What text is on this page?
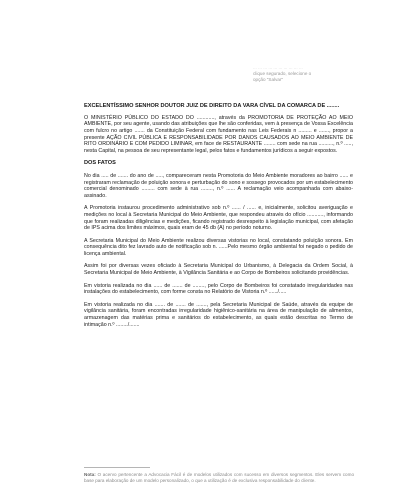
... ... ... ... ... ... ... ... ... ...
clique segurado, selecione o
opção "Salvar"
EXCELENTÍSSIMO SENHOR DOUTOR JUIZ DE DIREITO DA VARA CÍVEL DA COMARCA DE ........

O MINISTÉRIO PÚBLICO DO ESTADO DO ............, através da PROMOTORIA DE PROTEÇÃO AO MEIO AMBIENTE, por seu agente, usando das atribuições que lhe são conferidas, vem à presença de Vossa Excelência com fulcro no artigo ....... da Constituição Federal com fundamento nas Leis Federais n ......... e ......., propor a presente AÇÃO CIVIL PÚBLICA E RESPONSABILIDADE POR DANOS CAUSADOS AO MEIO AMBIENTE DE RITO ORDINÁRIO E COM PEDIDO LIMINAR, em face de RESTAURANTE ........ com sede na rua .........., n.º ....., nesta Capital, na pessoa de seu representante legal, pelos fatos e fundamentos jurídicos a seguir expostos.

DOS FATOS

No dia ..... de ....... do ano de ....., compareceram nesta Promotoria do Meio Ambiente moradores ao bairro ...... e registraram reclamação de poluição sonora e perturbação do sono e sossego provocados por um estabelecimento comercial denominado ......... com sede à rua ........, n.º ...... A reclamação veio acompanhada com abaixo-assinado.

A Promotoria instaurou procedimento administrativo sob n.º ...... / ...... e, inicialmente, solicitou averiguação e medições no local à Secretaria Municipal do Meio Ambiente, que respondeu através do ofício ..........., informando que foram realizadas diligências e medições, ficando registrado desrespeito à legislação municipal, com afetação de IPS acima dos limites máximos, quais eram de 45 db (A) no período noturno.

A Secretaria Municipal do Meio Ambiente realizou diversas vistorias no local, constatando poluição sonora. Em consequência dito fez lavrado auto de notificação sob n. ......Pelo mesmo órgão ambiental foi negado o pedido de licença ambiental.

Assim foi por diversas vezes oficiado à Secretaria Municipal do Urbanismo, à Delegacia da Ordem Social, à Secretaria Municipal de Meio Ambiente, à Vigilância Sanitária e ao Corpo de Bombeiros solicitando providências.

Em vistoria realizada no dia ...... de ....... de ........, pelo Corpo de Bombeiros foi constatado irregularidades nas instalações do estabelecimento, com forme consta no Relatório de Vistoria n.º ....../.....

Em vistoria realizada no dia ....... de ....... de ......., pela Secretaria Municipal de Saúde, através da equipe de vigilância sanitária, foram encontradas irregularidade higiênico-sanitária na área de manipulação de alimentos, armazenagem das matérias prima e sanitários do estabelecimento, as quais estão descritas no Termo de intimação n.º ......../.......

Nota: O acervo pertencente a Advocacia Fácil é de modelos utilizados com sucesso em diversos segmentos. Eles servem como base para elaboração de um modelo personalizado, o que a utilização é de exclusiva responsabilidade do cliente.
